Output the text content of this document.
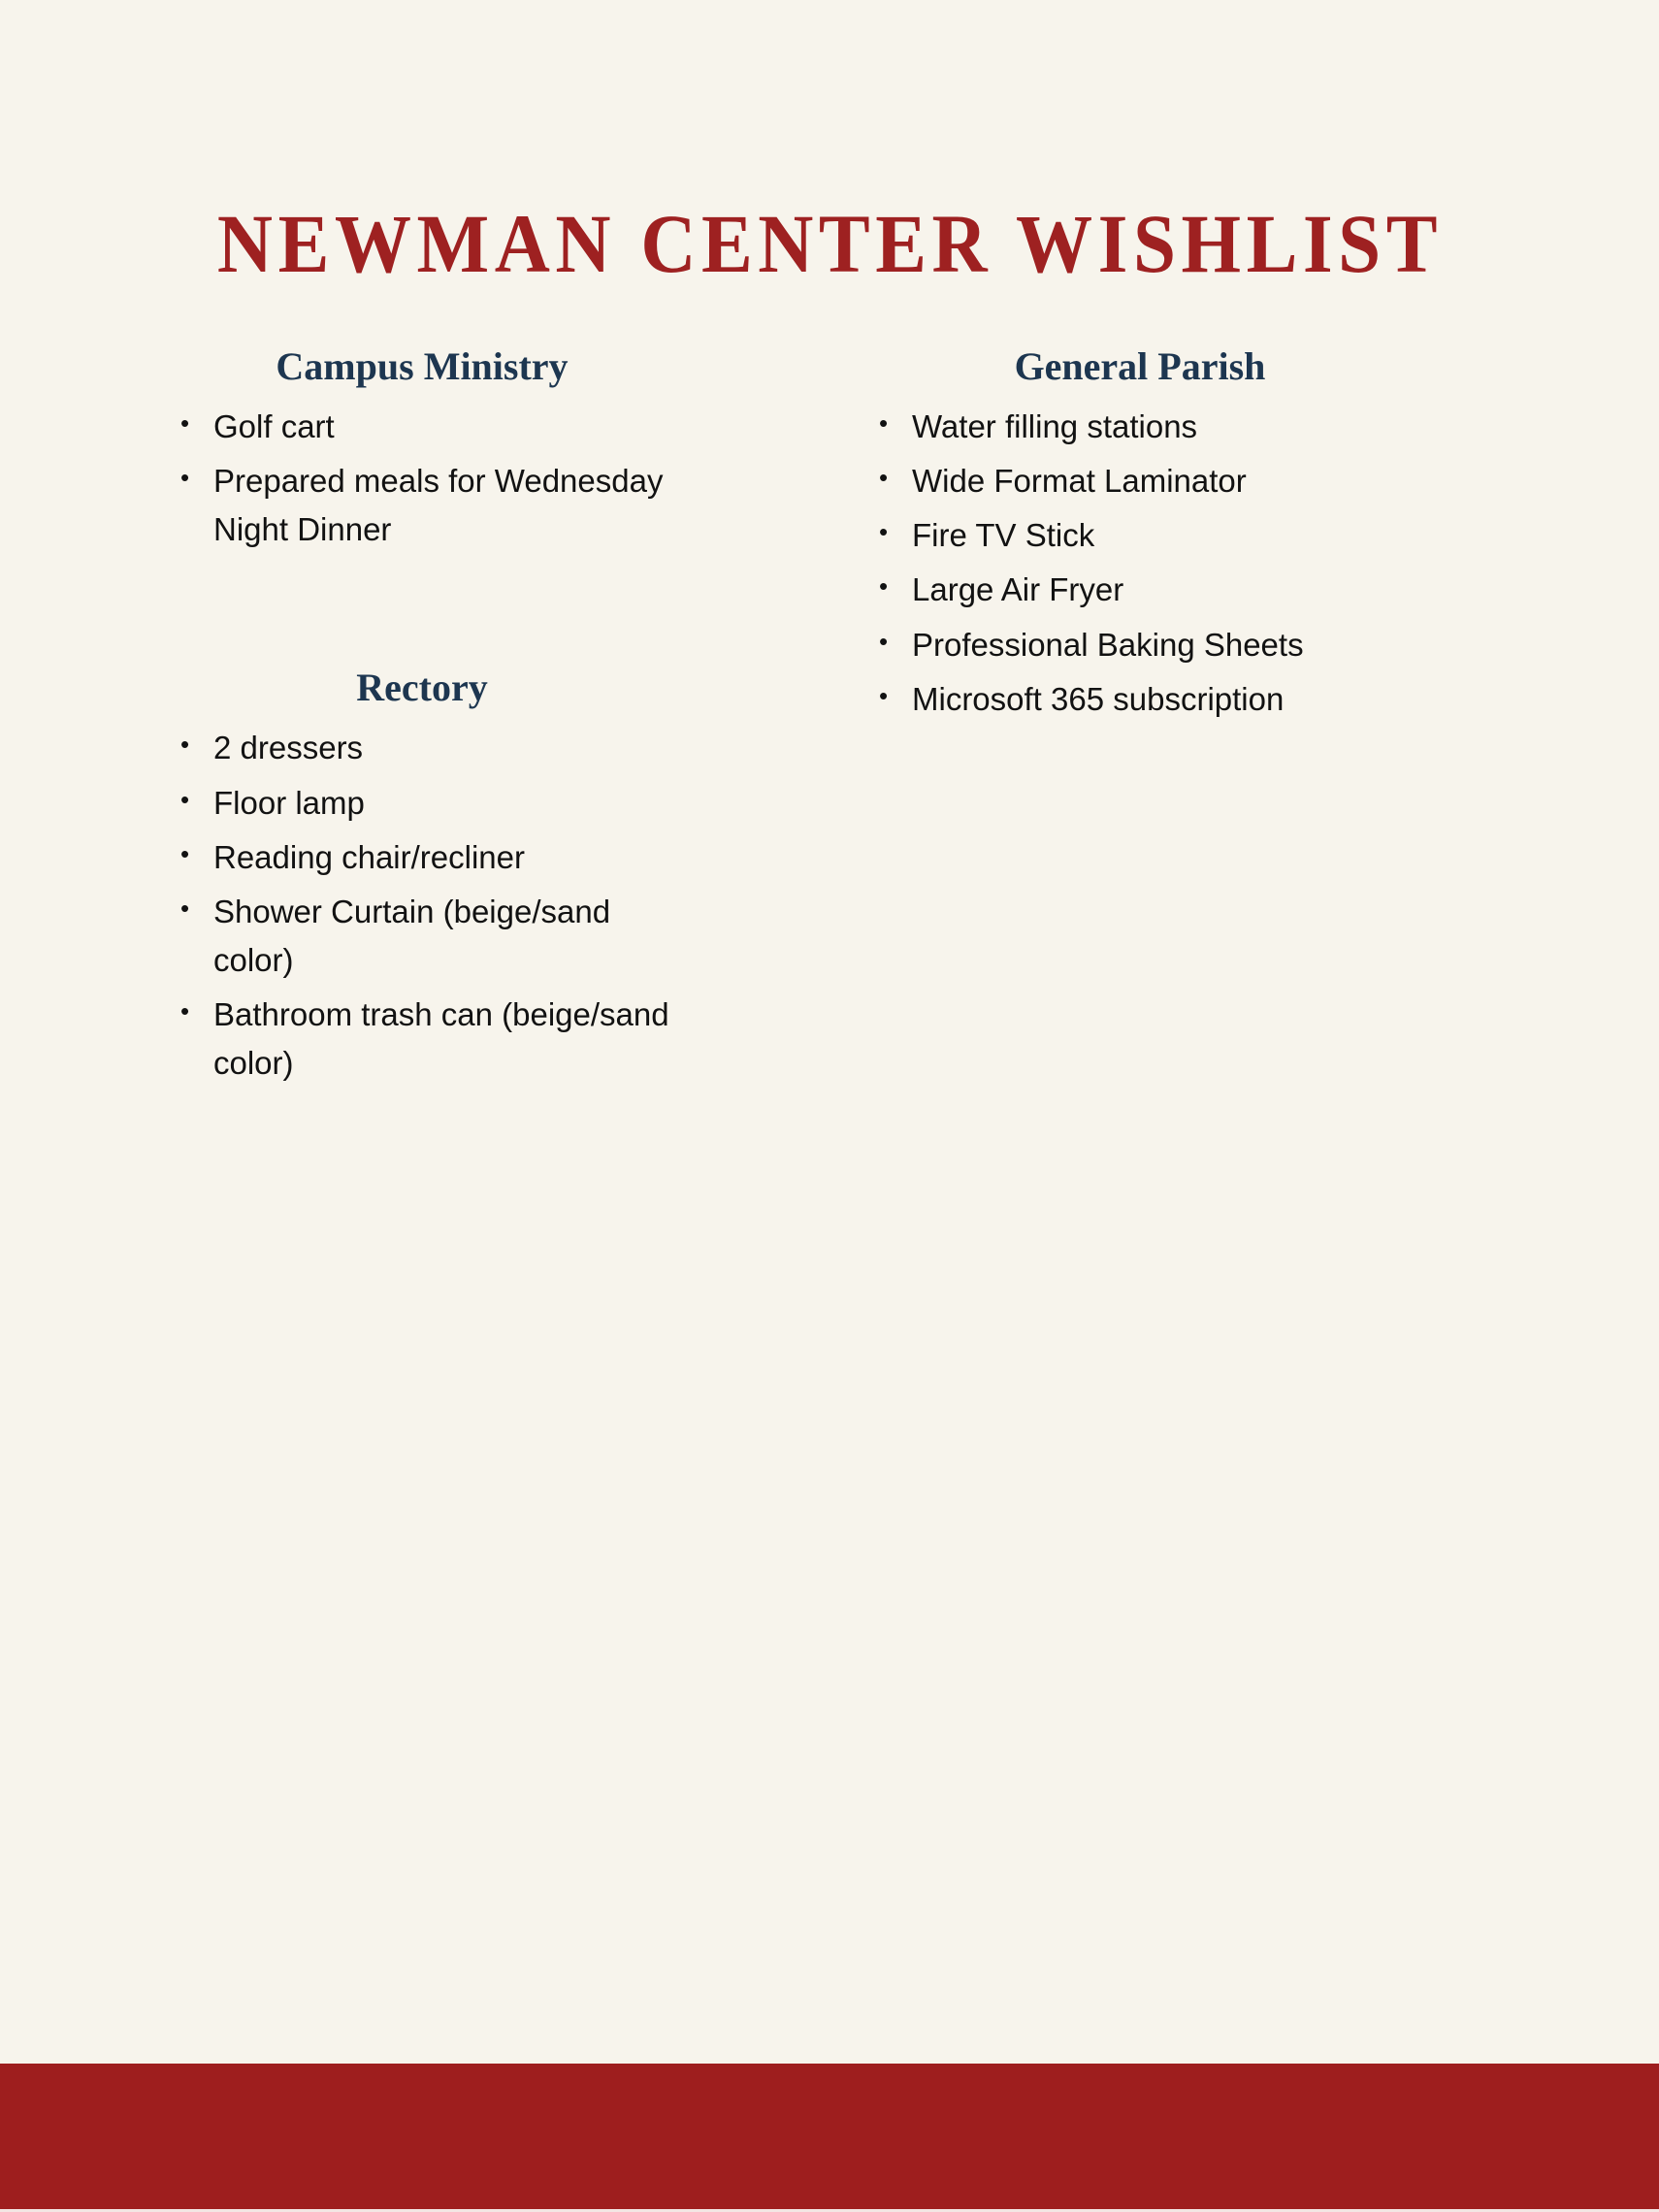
NEWMAN CENTER WISHLIST
Campus Ministry
• Golf cart
• Prepared meals for Wednesday Night Dinner
Rectory
• 2 dressers
• Floor lamp
• Reading chair/recliner
• Shower Curtain (beige/sand color)
• Bathroom trash can (beige/sand color)
General Parish
• Water filling stations
• Wide Format Laminator
• Fire TV Stick
• Large Air Fryer
• Professional Baking Sheets
• Microsoft 365 subscription
